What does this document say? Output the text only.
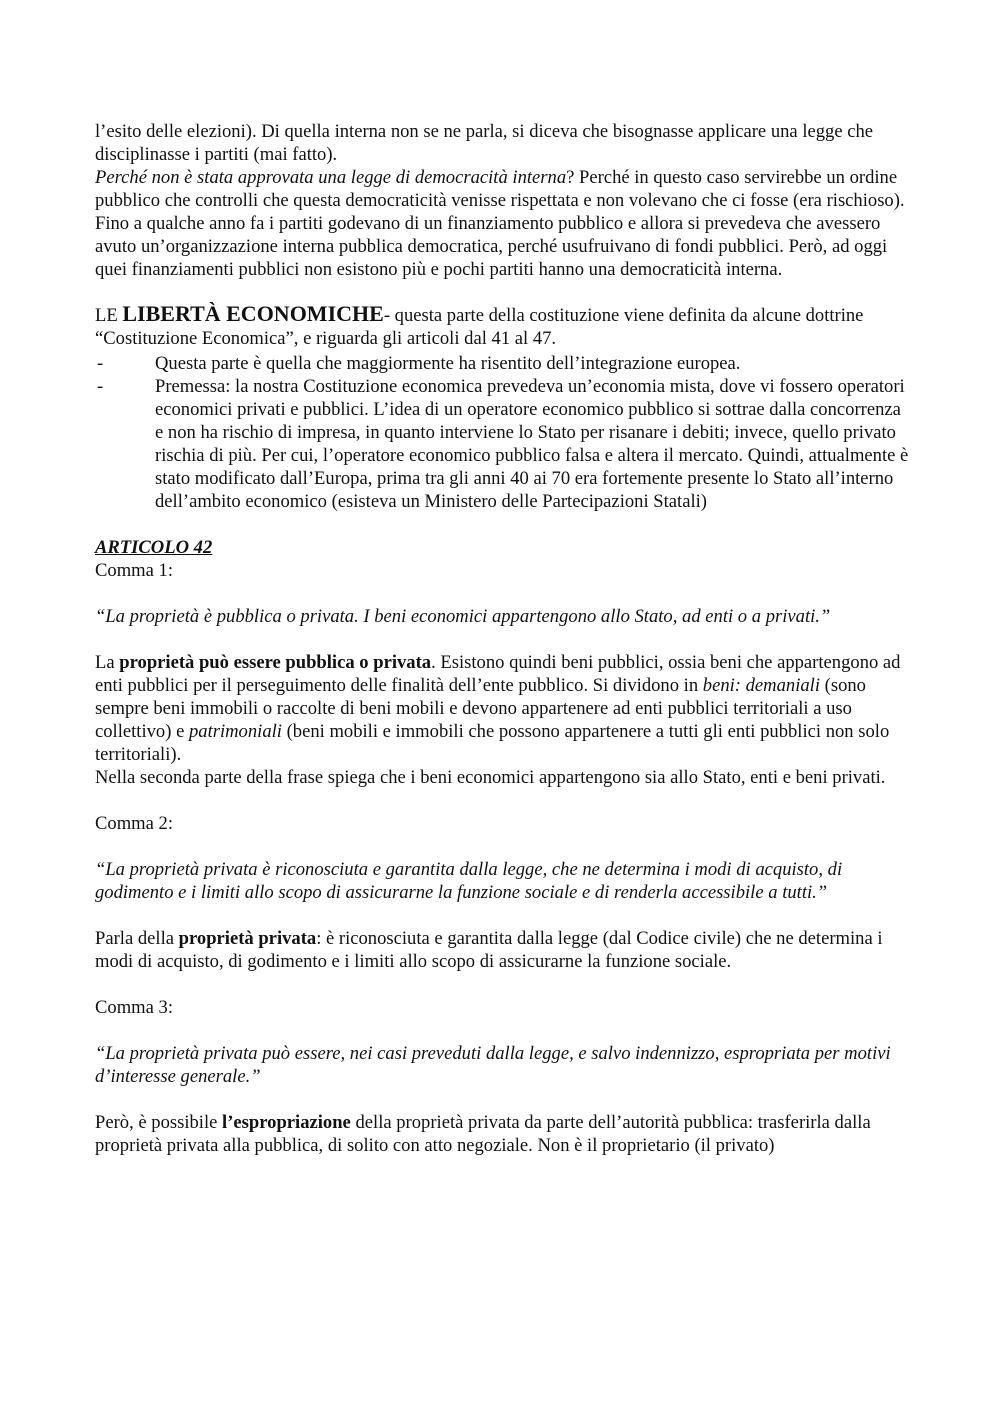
l’esito delle elezioni). Di quella interna non se ne parla, si diceva che bisognasse applicare una legge che disciplinasse i partiti (mai fatto).

Perché non è stata approvata una legge di democracità interna? Perché in questo caso servirebbe un ordine pubblico che controlli che questa democraticità venisse rispettata e non volevano che ci fosse (era rischioso).

Fino a qualche anno fa i partiti godevano di un finanziamento pubblico e allora si prevedeva che avessero avuto un’organizzazione interna pubblica democratica, perché usufruivano di fondi pubblici. Però, ad oggi quei finanziamenti pubblici non esistono più e pochi partiti hanno una democraticità interna.

LE LIBERTÀ ECONOMICHE- questa parte della costituzione viene definita da alcune dottrine “Costituzione Economica”, e riguarda gli articoli dal 41 al 47.

- Questa parte è quella che maggiormente ha risentito dell’integrazione europea.
- Premessa: la nostra Costituzione economica prevedeva un’economia mista, dove vi fossero operatori economici privati e pubblici. L’idea di un operatore economico pubblico si sottrae dalla concorrenza e non ha rischio di impresa, in quanto interviene lo Stato per risanare i debiti; invece, quello privato rischia di più. Per cui, l’operatore economico pubblico falsa e altera il mercato. Quindi, attualmente è stato modificato dall’Europa, prima tra gli anni 40 ai 70 era fortemente presente lo Stato all’interno dell’ambito economico (esisteva un Ministero delle Partecipazioni Statali)

ARTICOLO 42

Comma 1:

“La proprietà è pubblica o privata. I beni economici appartengono allo Stato, ad enti o a privati.”

La proprietà può essere pubblica o privata. Esistono quindi beni pubblici, ossia beni che appartengono ad enti pubblici per il perseguimento delle finalità dell’ente pubblico. Si dividono in beni: demaniali (sono sempre beni immobili o raccolte di beni mobili e devono appartenere ad enti pubblici territoriali a uso collettivo) e patrimoniali (beni mobili e immobili che possono appartenere a tutti gli enti pubblici non solo territoriali).

Nella seconda parte della frase spiega che i beni economici appartengono sia allo Stato, enti e beni privati.

Comma 2:

“La proprietà privata è riconosciuta e garantita dalla legge, che ne determina i modi di acquisto, di godimento e i limiti allo scopo di assicurarne la funzione sociale e di renderla accessibile a tutti.”

Parla della proprietà privata: è riconosciuta e garantita dalla legge (dal Codice civile) che ne determina i modi di acquisto, di godimento e i limiti allo scopo di assicurarne la funzione sociale.

Comma 3:

“La proprietà privata può essere, nei casi preveduti dalla legge, e salvo indennizzo, espropriata per motivi d’interesse generale.”

Però, è possibile l’espropriazione della proprietà privata da parte dell’autorità pubblica: trasferirla dalla proprietà privata alla pubblica, di solito con atto negoziale. Non è il proprietario (il privato)
